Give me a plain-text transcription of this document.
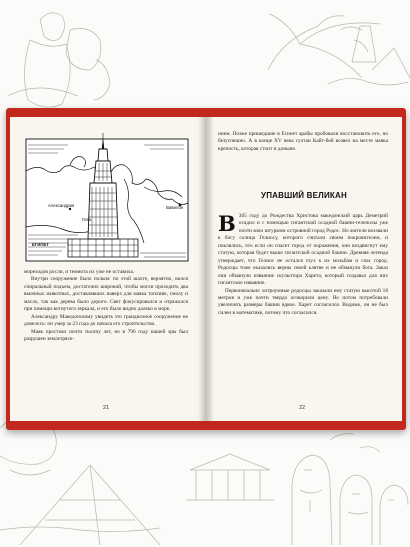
Александрия
Гиза
Вавилон
ЕГИПЕТ

мореходов росли, и темнота их уже не оставила.

Внутри сооружение было полым: по этой шахте, вероятно, вился спиральный подъем, достаточно широкий, чтобы могли проходить два вьючных животных, доставлявших наверх для маяка топливо, смолу и масло, так как дерева было дорого. Свет фокусировался и отражался при помощи вогнутого зеркала, и его было видно далеко в море.

Александру Македонскому увидеть это грандиозное сооружение не довелось: он умер за 23 года до начала его строительства.

Маяк простоял почти тысячу лет, но в 796 году нашей эры был разрушен землетрясе-

21

нием. Позже пришедшие в Египет арабы пробовали восстановить его, но безуспешно. А в конце XV века султан Кайт-бей возвел на месте маяка крепость, которая стоит и доныне.

УПАВШИЙ ВЕЛИКАН

В 305 году до Рождества Христова македонский царь Деметрий осадил и с помощью гигантской осадной башни-гелеполы уже почти взял штурмом островной город Родос. Но жители воззвали к богу солнца Гелиосу, которого считали своим покровителем, и поклялись, что если он спасет город от поражения, они воздвигнут ему статую, которая будет выше гигантской осадной башни. Древняя легенда утверждает, что Гелиос не остался глух к их мольбам и спас город. Родосцы тоже оказались верны своей клятве и не обманули бога. Заказ они обманули изваяние скульптора Харета, который создавал для них гигантское изваяние.

Первоначально хитроумные родосцы заказали ему статую высотой 18 метров и уже почти твердо оговорили цену. Но потом потребовали увеличить размеры башни вдвое. Харет согласился. Видимо, он не был силен в математике, потому что согласился.

22
